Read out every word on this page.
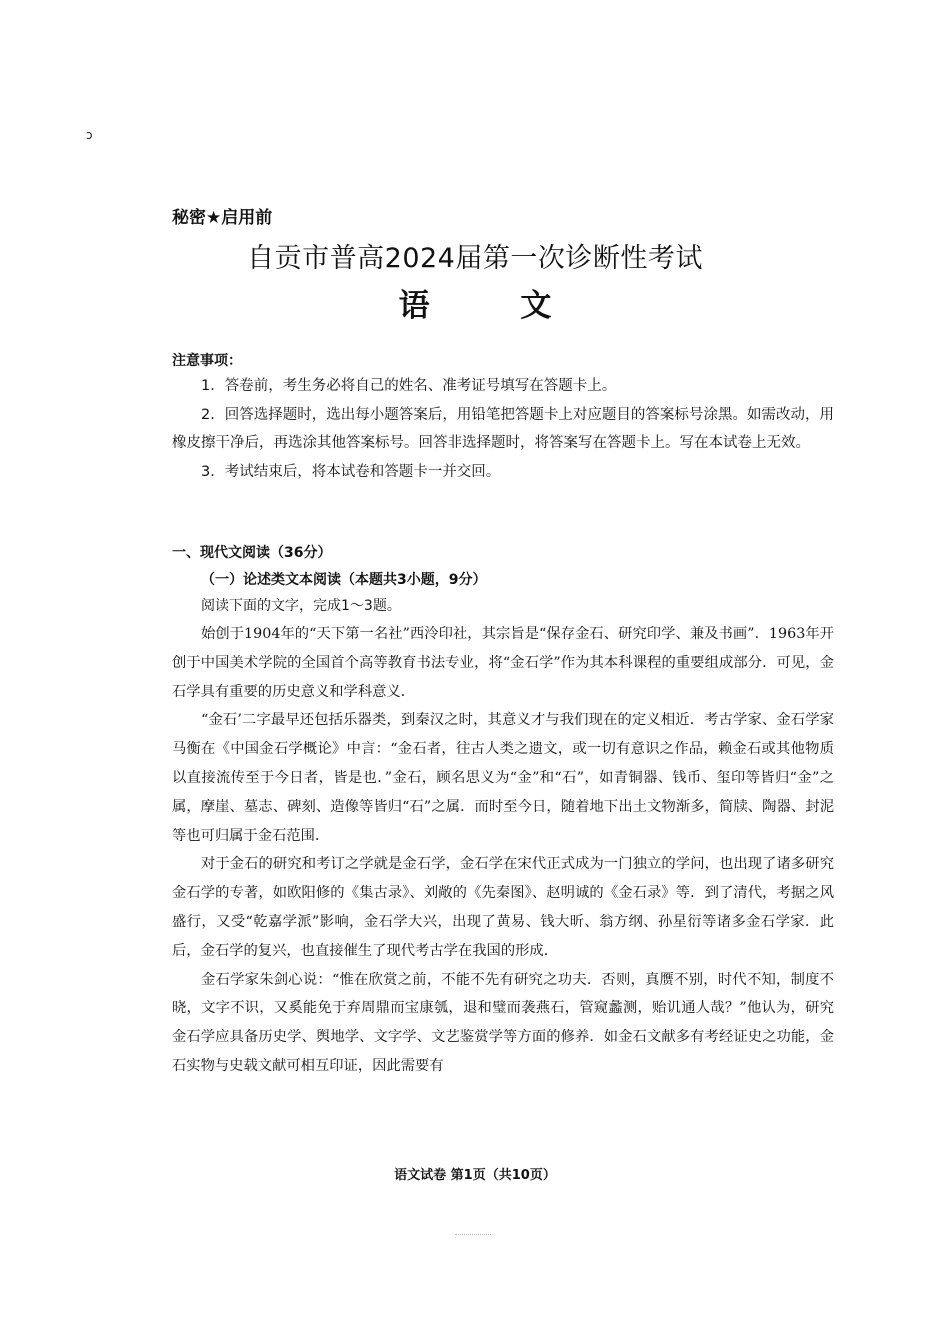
ɔ
秘密★启用前
自贡市普高2024届第一次诊断性考试
语 文
注意事项：

1．答卷前，考生务必将自己的姓名、准考证号填写在答题卡上。

2．回答选择题时，选出每小题答案后，用铅笔把答题卡上对应题目的答案标号涂黑。如需改动，用橡皮擦干净后，再选涂其他答案标号。回答非选择题时，将答案写在答题卡上。写在本试卷上无效。

3．考试结束后，将本试卷和答题卡一并交回。

一、现代文阅读（36分）
（一）论述类文本阅读（本题共3小题，9分）
阅读下面的文字，完成1～3题。

始创于1904年的“天下第一名社”西泠印社，其宗旨是“保存金石、研究印学、兼及书画”．1963年开创于中国美术学院的全国首个高等教育书法专业，将“金石学”作为其本科课程的重要组成部分．可见，金石学具有重要的历史意义和学科意义．

“金石’二字最早还包括乐器类，到秦汉之时，其意义才与我们现在的定义相近．考古学家、金石学家马衡在《中国金石学概论》中言：“金石者，往古人类之遗文，或一切有意识之作品，赖金石或其他物质以直接流传至于今日者，皆是也．”金石，顾名思义为“金”和“石”，如青铜器、钱币、玺印等皆归“金”之属，摩崖、墓志、碑刻、造像等皆归“石”之属．而时至今日，随着地下出土文物渐多，简牍、陶器、封泥等也可归属于金石范围．

对于金石的研究和考订之学就是金石学，金石学在宋代正式成为一门独立的学问，也出现了诸多研究金石学的专著，如欧阳修的《集古录》、刘敞的《先秦图》、赵明诚的《金石录》等．到了清代，考据之风盛行，又受“乾嘉学派”影响，金石学大兴，出现了黄易、钱大昕、翁方纲、孙星衍等诸多金石学家．此后，金石学的复兴，也直接催生了现代考古学在我国的形成．

金石学家朱剑心说：“惟在欣赏之前，不能不先有研究之功夫．否则，真赝不别，时代不知，制度不晓，文字不识，又奚能免于弃周鼎而宝康瓠，退和璧而袭燕石，管窥蠡测，贻讥通人哉？”他认为，研究金石学应具备历史学、舆地学、文字学、文艺鉴赏学等方面的修养．如金石文献多有考经证史之功能，金石实物与史载文献可相互印证，因此需要有

语文试卷 第1页（共10页）
